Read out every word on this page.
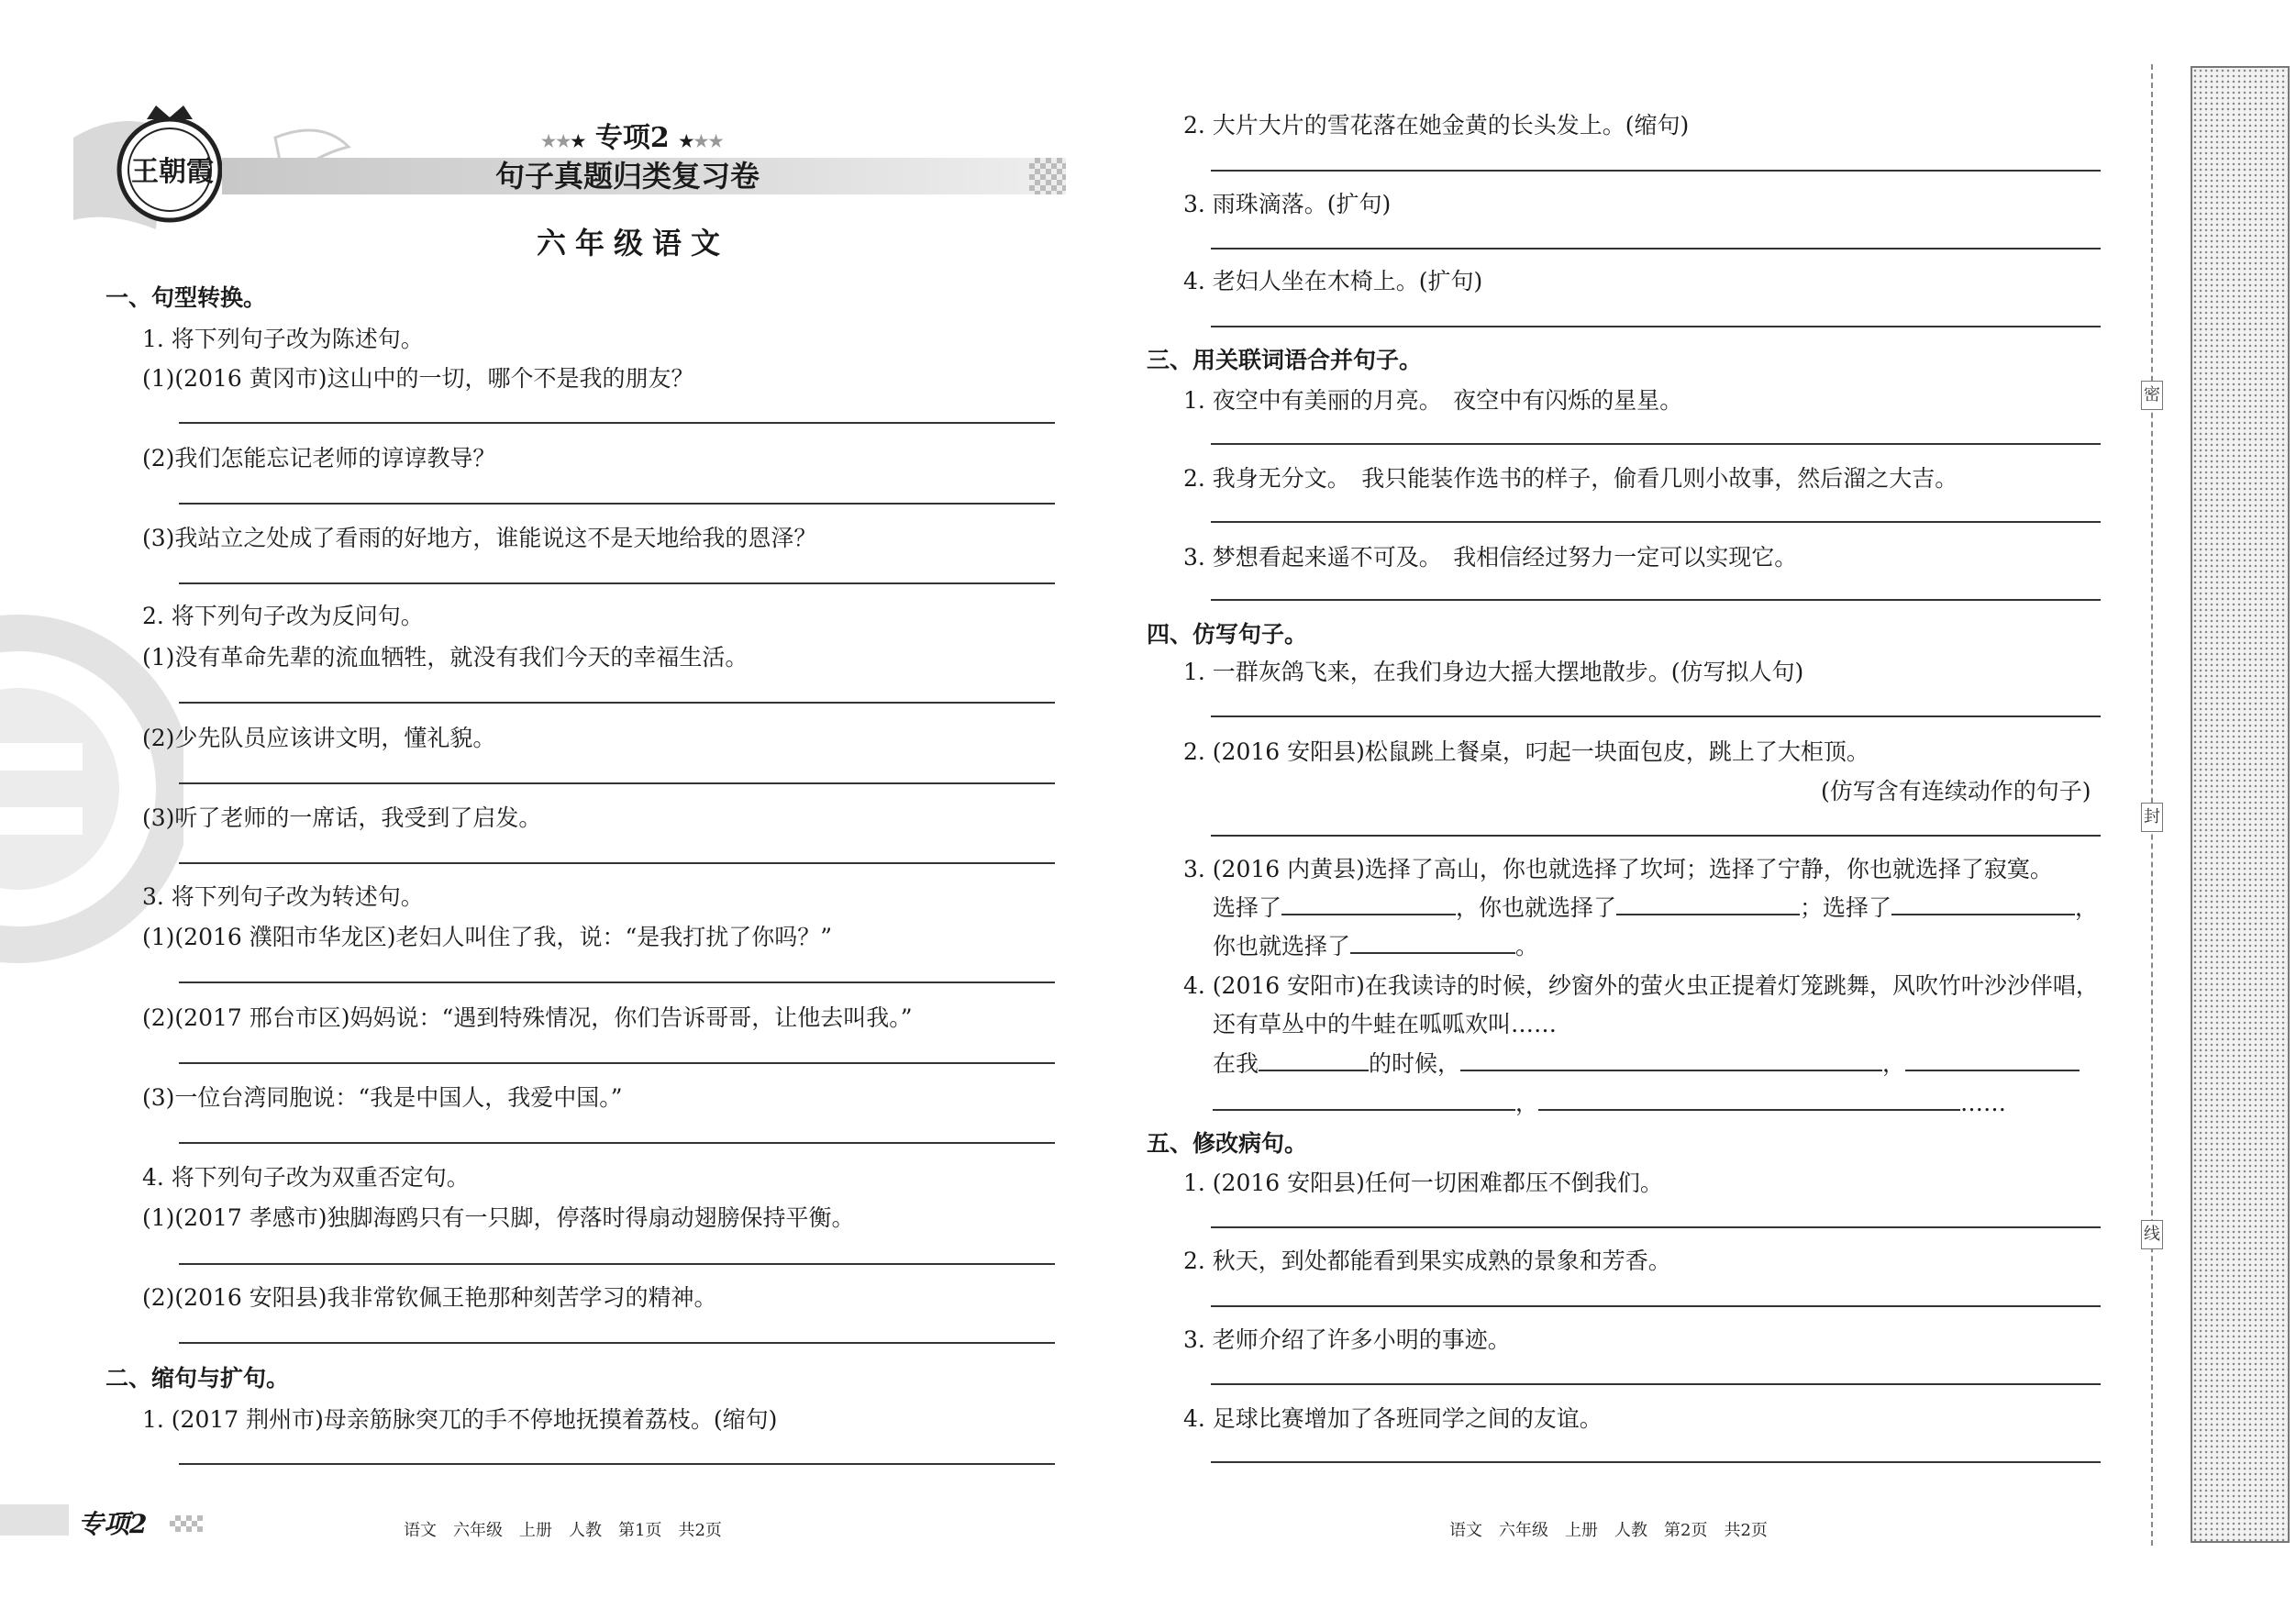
王朝霞
★★★ 专项2 ★★★
句子真题归类复习卷
六年级语文
一、句型转换。
1. 将下列句子改为陈述句。
(1)(2016 黄冈市)这山中的一切，哪个不是我的朋友？
(2)我们怎能忘记老师的谆谆教导？
(3)我站立之处成了看雨的好地方，谁能说这不是天地给我的恩泽？
2. 将下列句子改为反问句。
(1)没有革命先辈的流血牺牲，就没有我们今天的幸福生活。
(2)少先队员应该讲文明，懂礼貌。
(3)听了老师的一席话，我受到了启发。
3. 将下列句子改为转述句。
(1)(2016 濮阳市华龙区)老妇人叫住了我，说：“是我打扰了你吗？”
(2)(2017 邢台市区)妈妈说：“遇到特殊情况，你们告诉哥哥，让他去叫我。”
(3)一位台湾同胞说：“我是中国人，我爱中国。”
4. 将下列句子改为双重否定句。
(1)(2017 孝感市)独脚海鸥只有一只脚，停落时得扇动翅膀保持平衡。
(2)(2016 安阳县)我非常钦佩王艳那种刻苦学习的精神。
二、缩句与扩句。
1. (2017 荆州市)母亲筋脉突兀的手不停地抚摸着荔枝。(缩句)
2. 大片大片的雪花落在她金黄的长头发上。(缩句)
3. 雨珠滴落。(扩句)
4. 老妇人坐在木椅上。(扩句)
三、用关联词语合并句子。
1. 夜空中有美丽的月亮。　夜空中有闪烁的星星。
2. 我身无分文。　我只能装作选书的样子，偷看几则小故事，然后溜之大吉。
3. 梦想看起来遥不可及。　我相信经过努力一定可以实现它。
四、仿写句子。
1. 一群灰鸽飞来，在我们身边大摇大摆地散步。(仿写拟人句)
2. (2016 安阳县)松鼠跳上餐桌，叼起一块面包皮，跳上了大柜顶。
(仿写含有连续动作的句子)
3. (2016 内黄县)选择了高山，你也就选择了坎坷；选择了宁静，你也就选择了寂寞。
选择了	，你也就选择了	；选择了	，
你也就选择了	。
4. (2016 安阳市)在我读诗的时候，纱窗外的萤火虫正提着灯笼跳舞，风吹竹叶沙沙伴唱，
还有草丛中的牛蛙在呱呱欢叫……
在我	的时候，	，
，	……
五、修改病句。
1. (2016 安阳县)任何一切困难都压不倒我们。
2. 秋天，到处都能看到果实成熟的景象和芳香。
3. 老师介绍了许多小明的事迹。
4. 足球比赛增加了各班同学之间的友谊。
密
封
线
专项2	语文　六年级　上册　人教　第1页　共2页	语文　六年级　上册　人教　第2页　共2页
